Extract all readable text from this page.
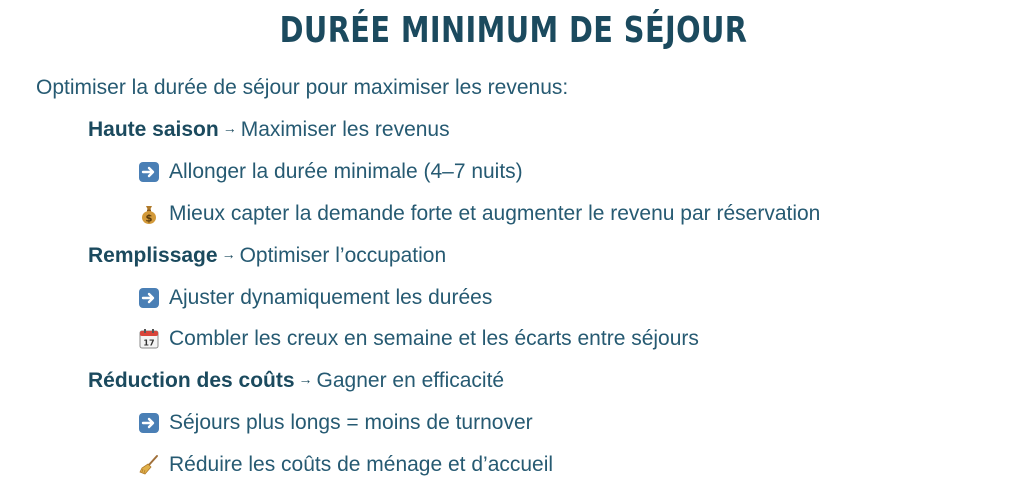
DURÉE MINIMUM DE SÉJOUR
Optimiser la durée de séjour pour maximiser les revenus:
Haute saison → Maximiser les revenus
Allonger la durée minimale (4–7 nuits)
$ Mieux capter la demande forte et augmenter le revenu par réservation
Remplissage → Optimiser l’occupation
Ajuster dynamiquement les durées
17 Combler les creux en semaine et les écarts entre séjours
Réduction des coûts → Gagner en efficacité
Séjours plus longs = moins de turnover
Réduire les coûts de ménage et d’accueil
